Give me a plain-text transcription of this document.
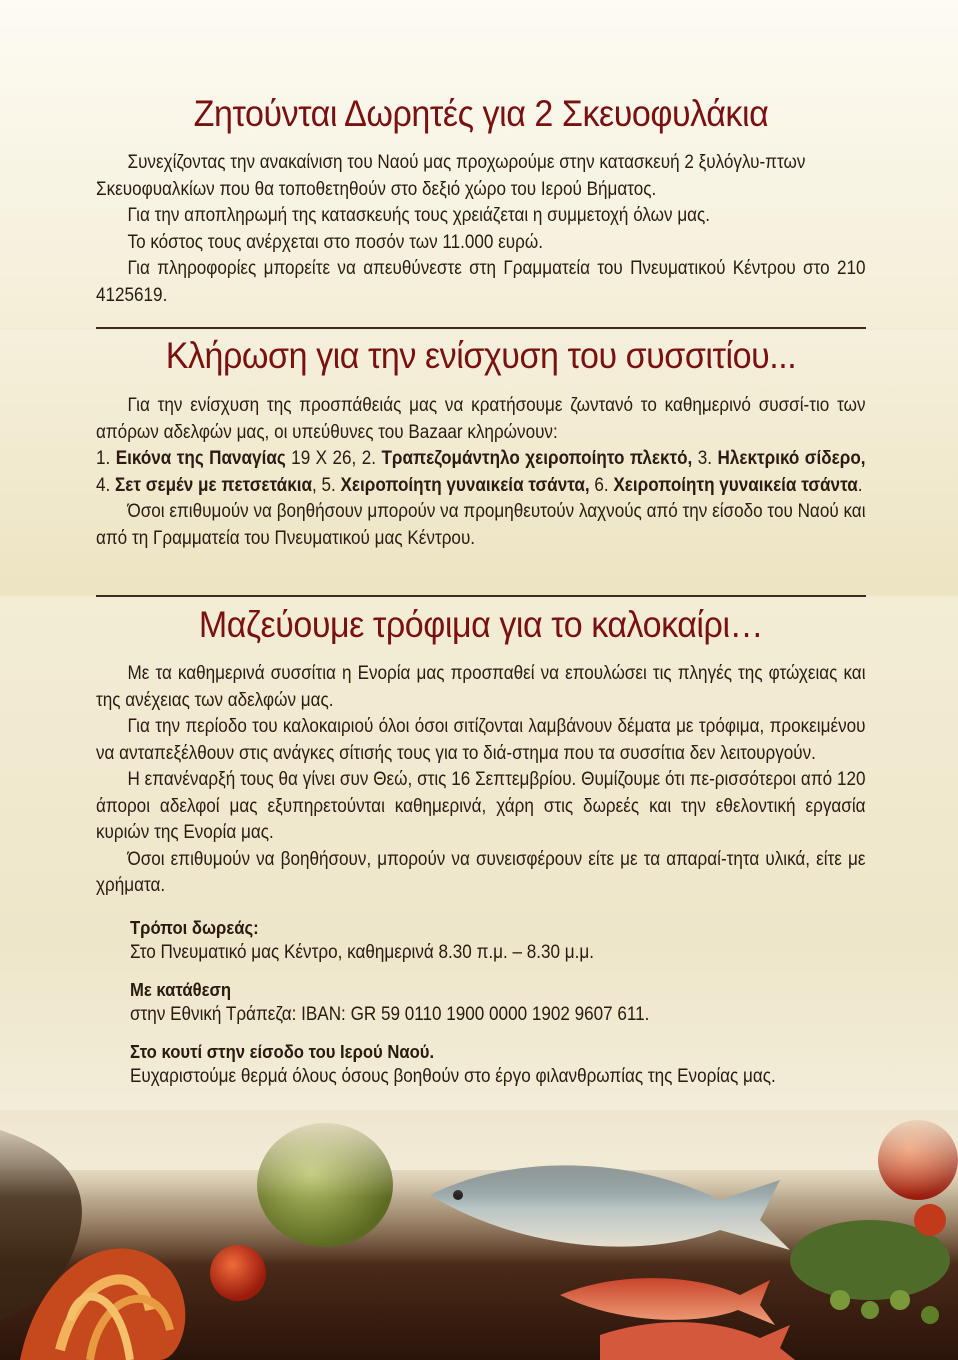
Ζητούνται Δωρητές για 2 Σκευοφυλάκια

Συνεχίζοντας την ανακαίνιση του Ναού μας προχωρούμε στην κατασκευή 2 ξυλόγλυ-πτων Σκευοφυαλκίων που θα τοποθετηθούν στο δεξιό χώρο του Ιερού Βήματος.

Για την αποπληρωμή της κατασκευής τους χρειάζεται η συμμετοχή όλων μας.

Το κόστος τους ανέρχεται στο ποσόν των 11.000 ευρώ.

Για πληροφορίες μπορείτε να απευθύνεστε στη Γραμματεία του Πνευματικού Κέντρου στο 210 4125619.

Κλήρωση για την ενίσχυση του συσσιτίου...

Για την ενίσχυση της προσπάθειάς μας να κρατήσουμε ζωντανό το καθημερινό συσσί-τιο των απόρων αδελφών μας, οι υπεύθυνες του Bazaar κληρώνουν:

1. Εικόνα της Παναγίας 19 Χ 26, 2. Τραπεζομάντηλο χειροποίητο πλεκτό, 3. Ηλεκτρικό σίδερο, 4. Σετ σεμέν με πετσετάκια, 5. Χειροποίητη γυναικεία τσάντα, 6. Χειροποίητη γυναικεία τσάντα.

Όσοι επιθυμούν να βοηθήσουν μπορούν να προμηθευτούν λαχνούς από την είσοδο του Ναού και από τη Γραμματεία του Πνευματικού μας Κέντρου.

Μαζεύουμε τρόφιμα για το καλοκαίρι…

Με τα καθημερινά συσσίτια η Ενορία μας προσπαθεί να επουλώσει τις πληγές της φτώχειας και της ανέχειας των αδελφών μας.

Για την περίοδο του καλοκαιριού όλοι όσοι σιτίζονται λαμβάνουν δέματα με τρόφιμα, προκειμένου να ανταπεξέλθουν στις ανάγκες σίτισής τους για το διά-στημα που τα συσσίτια δεν λειτουργούν.

Η επανέναρξή τους θα γίνει συν Θεώ, στις 16 Σεπτεμβρίου. Θυμίζουμε ότι πε-ρισσότεροι από 120 άποροι αδελφοί μας εξυπηρετούνται καθημερινά, χάρη στις δωρεές και την εθελοντική εργασία κυριών της Ενορία μας.

Όσοι επιθυμούν να βοηθήσουν, μπορούν να συνεισφέρουν είτε με τα απαραί-τητα υλικά, είτε με χρήματα.

Τρόποι δωρεάς:
Στο Πνευματικό μας Κέντρο, καθημερινά 8.30 π.μ. – 8.30 μ.μ.
Με κατάθεση
στην Εθνική Τράπεζα: IBAN: GR 59 0110 1900 0000 1902 9607 611.
Στο κουτί στην είσοδο του Ιερού Ναού.
Ευχαριστούμε θερμά όλους όσους βοηθούν στο έργο φιλανθρωπίας της Ενορίας μας.
